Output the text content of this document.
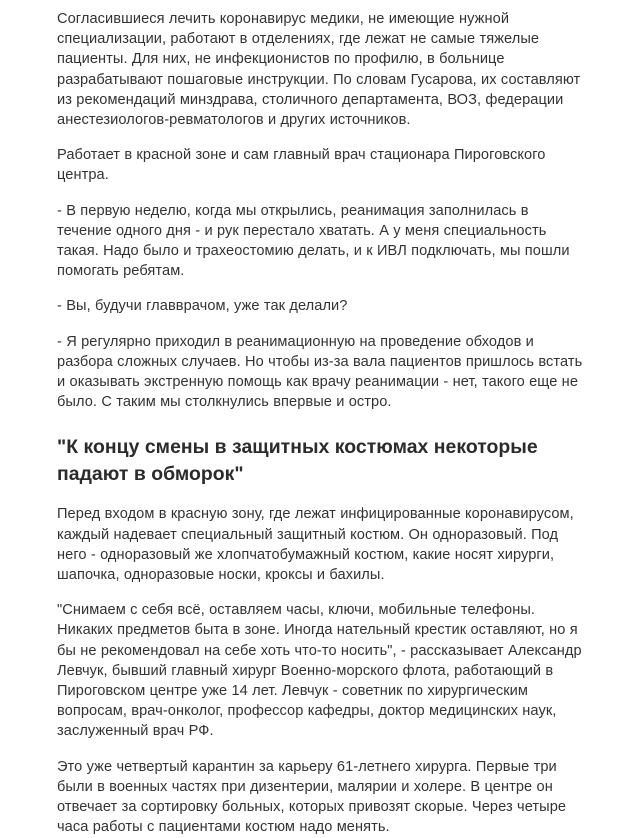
Согласившиеся лечить коронавирус медики, не имеющие нужной специализации, работают в отделениях, где лежат не самые тяжелые пациенты. Для них, не инфекционистов по профилю, в больнице разрабатывают пошаговые инструкции. По словам Гусарова, их составляют из рекомендаций минздрава, столичного департамента, ВОЗ, федерации анестезиологов-ревматологов и других источников.

Работает в красной зоне и сам главный врач стационара Пироговского центра.

- В первую неделю, когда мы открылись, реанимация заполнилась в течение одного дня - и рук перестало хватать. А у меня специальность такая. Надо было и трахеостомию делать, и к ИВЛ подключать, мы пошли помогать ребятам.

- Вы, будучи главврачом, уже так делали?

- Я регулярно приходил в реанимационную на проведение обходов и разбора сложных случаев. Но чтобы из-за вала пациентов пришлось встать и оказывать экстренную помощь как врачу реанимации - нет, такого еще не было. С таким мы столкнулись впервые и остро.

"К концу смены в защитных костюмах некоторые падают в обморок"

Перед входом в красную зону, где лежат инфицированные коронавирусом, каждый надевает специальный защитный костюм. Он одноразовый. Под него - одноразовый же хлопчатобумажный костюм, какие носят хирурги, шапочка, одноразовые носки, кроксы и бахилы.

"Снимаем с себя всё, оставляем часы, ключи, мобильные телефоны. Никаких предметов быта в зоне. Иногда нательный крестик оставляют, но я бы не рекомендовал на себе хоть что-то носить", - рассказывает Александр Левчук, бывший главный хирург Военно-морского флота, работающий в Пироговском центре уже 14 лет. Левчук - советник по хирургическим вопросам, врач-онколог, профессор кафедры, доктор медицинских наук, заслуженный врач РФ.

Это уже четвертый карантин за карьеру 61-летнего хирурга. Первые три были в военных частях при дизентерии, малярии и холере. В центре он отвечает за сортировку больных, которых привозят скорые. Через четыре часа работы с пациентами костюм надо менять.
